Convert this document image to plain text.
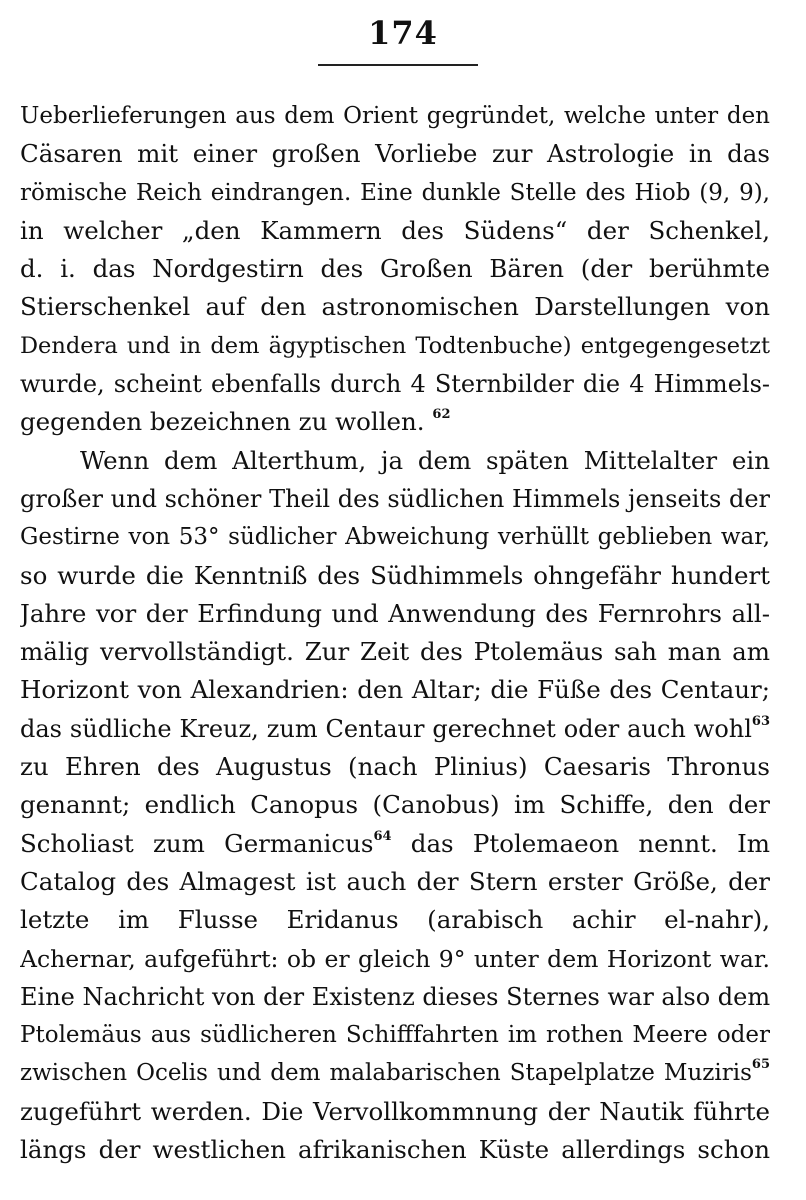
174
Ueberlieferungen aus dem Orient gegründet, welche unter den
Cäsaren mit einer großen Vorliebe zur Astrologie in das
römische Reich eindrangen. Eine dunkle Stelle des Hiob (9, 9),
in welcher „den Kammern des Südens“ der Schenkel,
d. i. das Nordgestirn des Großen Bären (der berühmte
Stierschenkel auf den astronomischen Darstellungen von
Dendera und in dem ägyptischen Todtenbuche) entgegengesetzt
wurde, scheint ebenfalls durch 4 Sternbilder die 4 Himmels-
gegenden bezeichnen zu wollen. $^{62}$
Wenn dem Alterthum, ja dem späten Mittelalter ein
großer und schöner Theil des südlichen Himmels jenseits der
Gestirne von 53° südlicher Abweichung verhüllt geblieben war,
so wurde die Kenntniß des Südhimmels ohngefähr hundert
Jahre vor der Erfindung und Anwendung des Fernrohrs all-
mälig vervollständigt. Zur Zeit des Ptolemäus sah man am
Horizont von Alexandrien: den Altar; die Füße des Centaur;
das südliche Kreuz, zum Centaur gerechnet oder auch wohl$^{63}$
zu Ehren des Augustus (nach Plinius) Caesaris Thronus
genannt; endlich Canopus (Canobus) im Schiffe, den der
Scholiast zum Germanicus$^{64}$ das Ptolemaeon nennt. Im
Catalog des Almagest ist auch der Stern erster Größe, der
letzte im Flusse Eridanus (arabisch achir el-nahr),
Achernar, aufgeführt: ob er gleich 9° unter dem Horizont war.
Eine Nachricht von der Existenz dieses Sternes war also dem
Ptolemäus aus südlicheren Schifffahrten im rothen Meere oder
zwischen Ocelis und dem malabarischen Stapelplatze Muziris$^{65}$
zugeführt werden. Die Vervollkommnung der Nautik führte
längs der westlichen afrikanischen Küste allerdings schon
